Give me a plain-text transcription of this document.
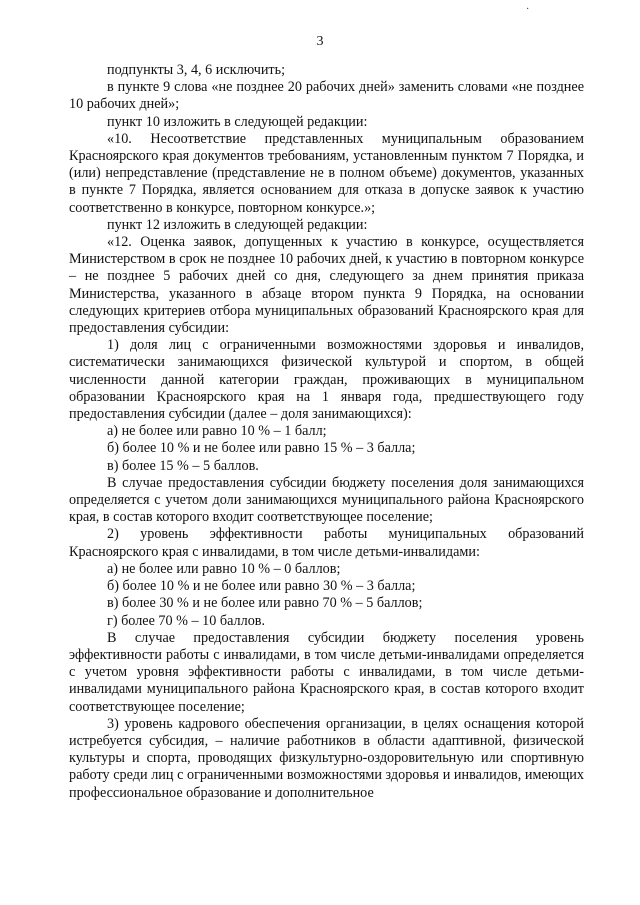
·
3

подпункты 3, 4, 6 исключить;

в пункте 9 слова «не позднее 20 рабочих дней» заменить словами «не позднее 10 рабочих дней»;

пункт 10 изложить в следующей редакции:

«10. Несоответствие представленных муниципальным образованием Красноярского края документов требованиям, установленным пунктом 7 Порядка, и (или) непредставление (представление не в полном объеме) документов, указанных в пункте 7 Порядка, является основанием для отказа в допуске заявок к участию соответственно в конкурсе, повторном конкурсе.»;

пункт 12 изложить в следующей редакции:

«12. Оценка заявок, допущенных к участию в конкурсе, осуществляется Министерством в срок не позднее 10 рабочих дней, к участию в повторном конкурсе – не позднее 5 рабочих дней со дня, следующего за днем принятия приказа Министерства, указанного в абзаце втором пункта 9 Порядка, на основании следующих критериев отбора муниципальных образований Красноярского края для предоставления субсидии:

1) доля лиц с ограниченными возможностями здоровья и инвалидов, систематически занимающихся физической культурой и спортом, в общей численности данной категории граждан, проживающих в муниципальном образовании Красноярского края на 1 января года, предшествующего году предоставления субсидии (далее – доля занимающихся):

а) не более или равно 10 % – 1 балл;

б) более 10 % и не более или равно 15 % – 3 балла;

в) более 15 % – 5 баллов.

В случае предоставления субсидии бюджету поселения доля занимающихся определяется с учетом доли занимающихся муниципального района Красноярского края, в состав которого входит соответствующее поселение;

2) уровень эффективности работы муниципальных образований Красноярского края с инвалидами, в том числе детьми-инвалидами:

а) не более или равно 10 % – 0 баллов;

б) более 10 % и не более или равно 30 % – 3 балла;

в) более 30 % и не более или равно 70 % – 5 баллов;

г) более 70 % – 10 баллов.

В случае предоставления субсидии бюджету поселения уровень эффективности работы с инвалидами, в том числе детьми-инвалидами определяется с учетом уровня эффективности работы с инвалидами, в том числе детьми-инвалидами муниципального района Красноярского края, в состав которого входит соответствующее поселение;

3) уровень кадрового обеспечения организации, в целях оснащения которой истребуется субсидия, – наличие работников в области адаптивной, физической культуры и спорта, проводящих физкультурно-оздоровительную или спортивную работу среди лиц с ограниченными возможностями здоровья и инвалидов, имеющих профессиональное образование и дополнительное
